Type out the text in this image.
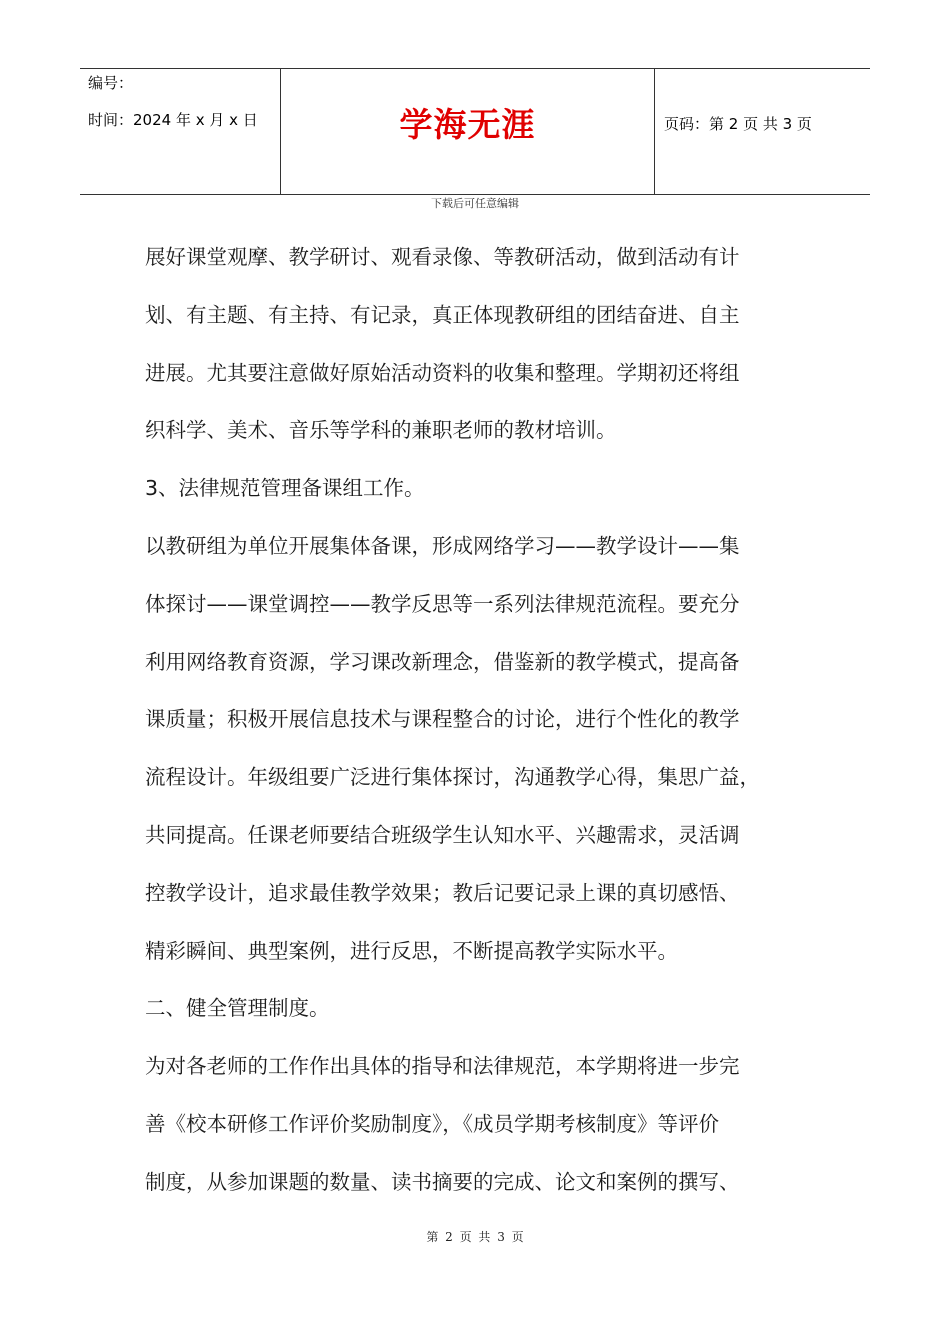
编号：
时间：2024 年 x 月 x 日	学海无涯	页码：第 2 页 共 3 页
下载后可任意编辑
展好课堂观摩、教学研讨、观看录像、等教研活动，做到活动有计
划、有主题、有主持、有记录，真正体现教研组的团结奋进、自主
进展。尤其要注意做好原始活动资料的收集和整理。学期初还将组
织科学、美术、音乐等学科的兼职老师的教材培训。
3、法律规范管理备课组工作。
以教研组为单位开展集体备课，形成网络学习——教学设计——集
体探讨——课堂调控——教学反思等一系列法律规范流程。要充分
利用网络教育资源，学习课改新理念，借鉴新的教学模式，提高备
课质量；积极开展信息技术与课程整合的讨论，进行个性化的教学
流程设计。年级组要广泛进行集体探讨，沟通教学心得，集思广益，
共同提高。任课老师要结合班级学生认知水平、兴趣需求，灵活调
控教学设计，追求最佳教学效果；教后记要记录上课的真切感悟、
精彩瞬间、典型案例，进行反思，不断提高教学实际水平。
二、健全管理制度。
为对各老师的工作作出具体的指导和法律规范，本学期将进一步完
善《校本研修工作评价奖励制度》，《成员学期考核制度》等评价
制度，从参加课题的数量、读书摘要的完成、论文和案例的撰写、
第 2 页 共 3 页
